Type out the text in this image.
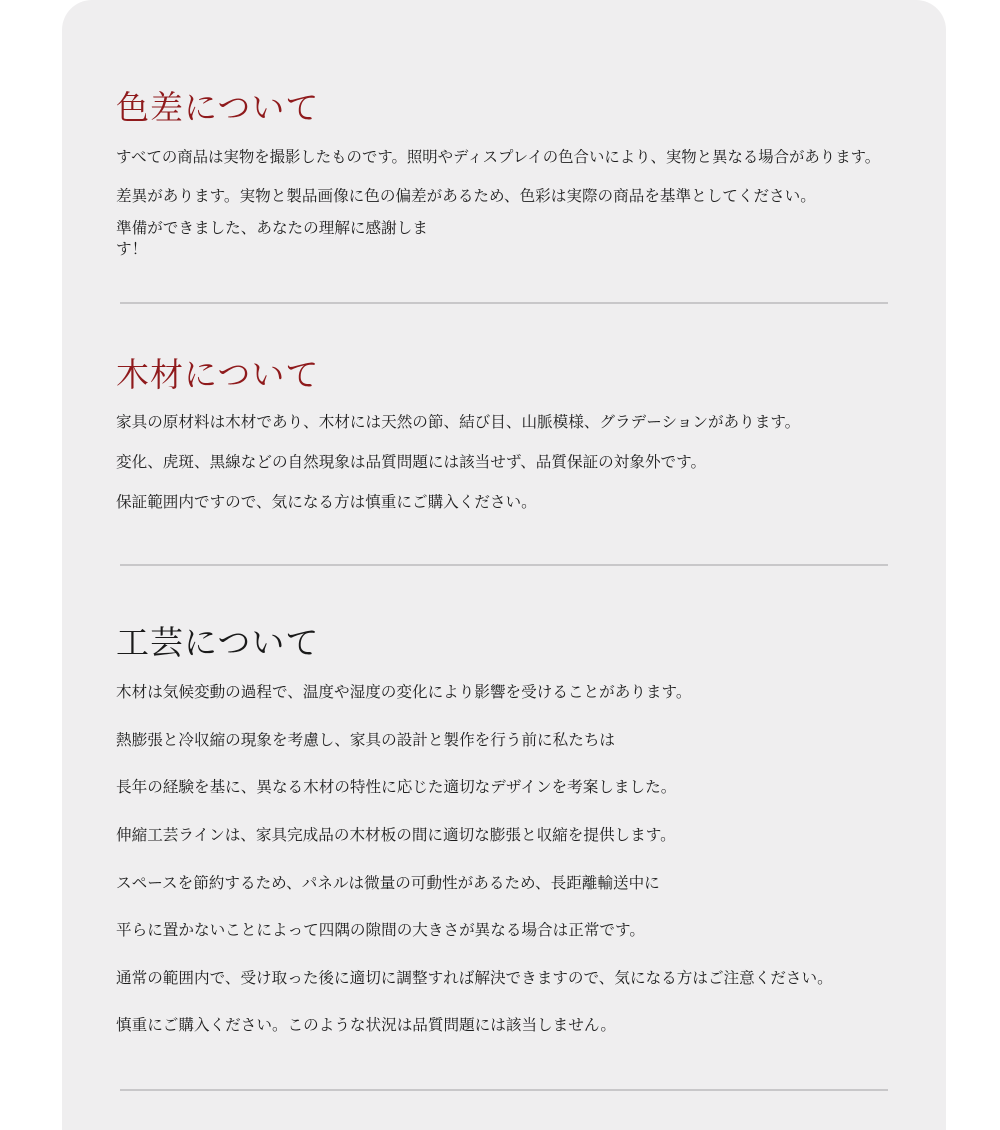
色差について

すべての商品は実物を撮影したものです。照明やディスプレイの色合いにより、実物と異なる場合があります。

差異があります。実物と製品画像に色の偏差があるため、色彩は実際の商品を基準としてください。

準備ができました、あなたの理解に感謝します！

木材について

家具の原材料は木材であり、木材には天然の節、結び目、山脈模様、グラデーションがあります。

変化、虎斑、黒線などの自然現象は品質問題には該当せず、品質保証の対象外です。

保証範囲内ですので、気になる方は慎重にご購入ください。

工芸について

木材は気候変動の過程で、温度や湿度の変化により影響を受けることがあります。

熱膨張と冷収縮の現象を考慮し、家具の設計と製作を行う前に私たちは

長年の経験を基に、異なる木材の特性に応じた適切なデザインを考案しました。

伸縮工芸ラインは、家具完成品の木材板の間に適切な膨張と収縮を提供します。

スペースを節約するため、パネルは微量の可動性があるため、長距離輸送中に

平らに置かないことによって四隅の隙間の大きさが異なる場合は正常です。

通常の範囲内で、受け取った後に適切に調整すれば解決できますので、気になる方はご注意ください。

慎重にご購入ください。このような状況は品質問題には該当しません。
